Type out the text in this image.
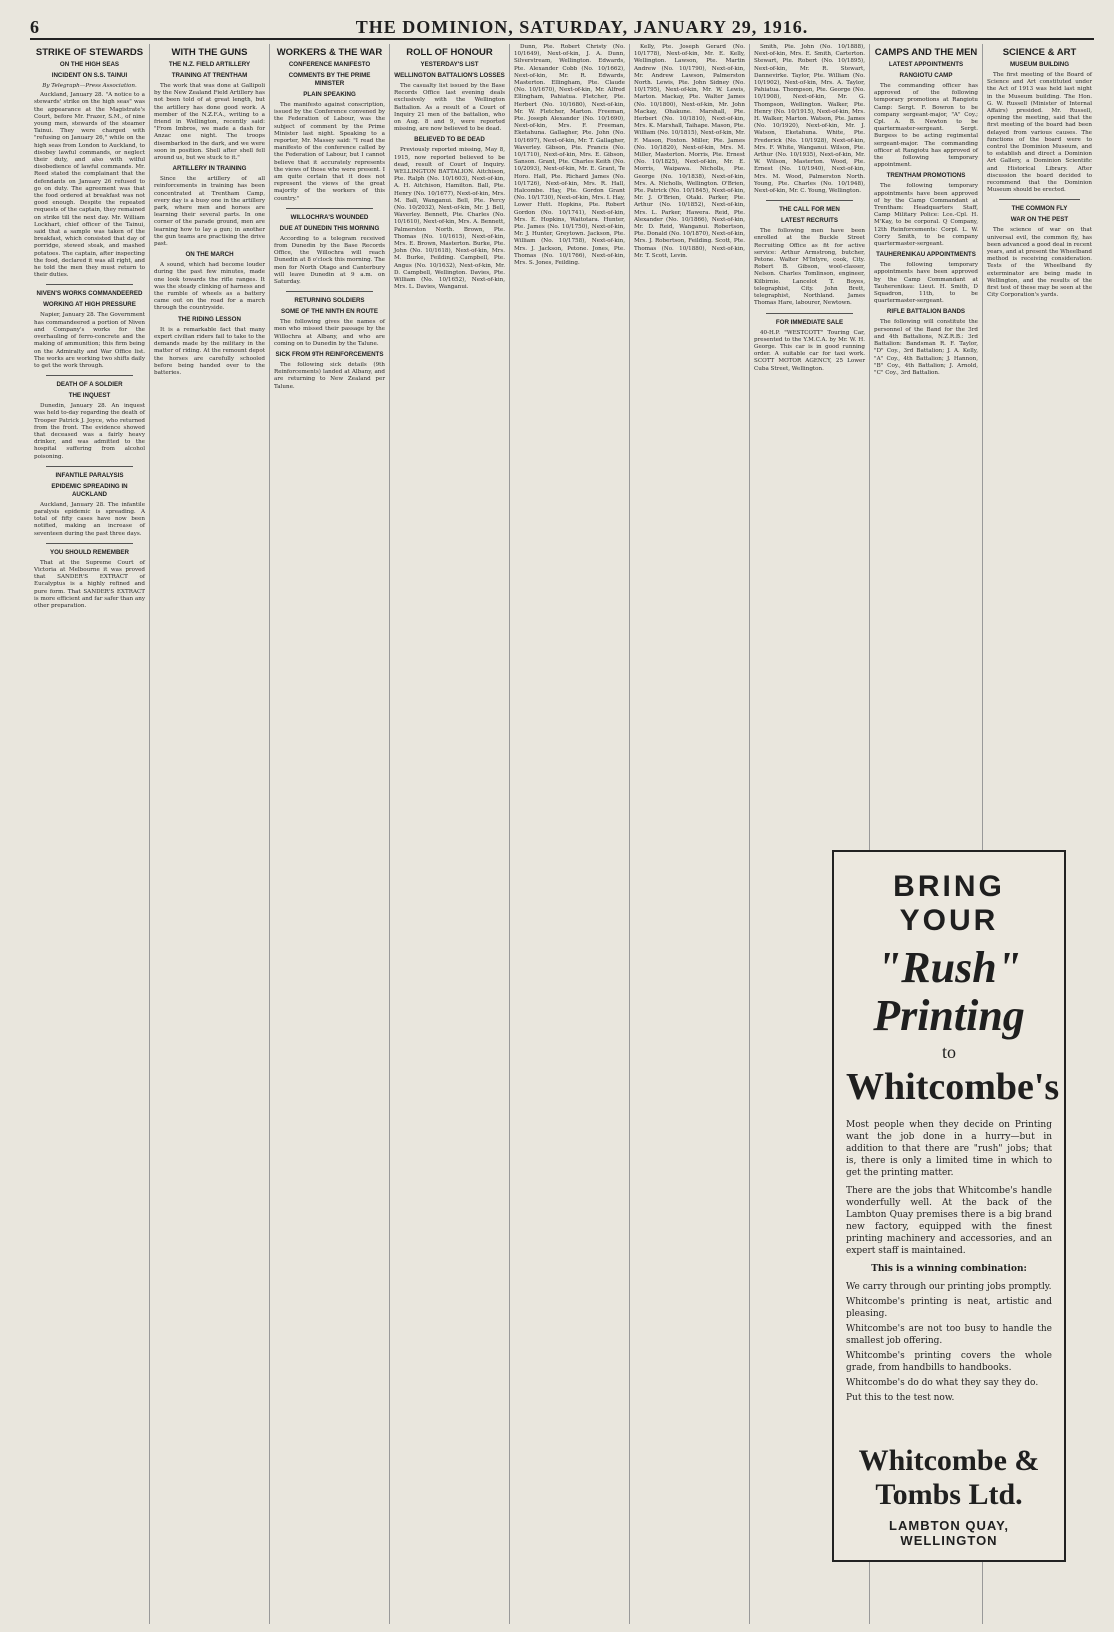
6	THE DOMINION, SATURDAY, JANUARY 29, 1916.
STRIKE OF STEWARDS
ON THE HIGH SEAS
INCIDENT ON S.S. TAINUI
By Telegraph—Press Association.

Auckland, January 28. "A notice to a stewards' strike on the high seas" was the appearance at the Magistrate's Court, before Mr. Frazer, S.M., of nine young men, stewards of the steamer Tainui. They were charged with "refusing on January 26," while on the high seas from London to Auckland, to disobey lawful commands, or neglect their duty, and also with wilful disobedience of lawful commands. Mr. Reed stated the complainant that the defendants on January 26 refused to go on duty. The agreement was that the food ordered at breakfast was not good enough. Despite the repeated requests of the captain, they remained on strike till the next day. Mr. William Lockhart, chief officer of the Tainui, said that a sample was taken of the breakfast, which consisted that day of porridge, stewed steak, and mashed potatoes. The captain, after inspecting the food, declared it was all right, and he told the men they must return to their duties.

NIVEN'S WORKS COMMANDEERED
WORKING AT HIGH PRESSURE

Napier, January 28. The Government has commandeered a portion of Niven and Company's works for the overhauling of ferro-concrete and the making of ammunition; this firm being on the Admiralty and War Office list. The works are working two shifts daily to get the work through.

DEATH OF A SOLDIER
THE INQUEST

Dunedin, January 28. An inquest was held to-day regarding the death of Trooper Patrick J. Joyce, who returned from the front. The evidence showed that deceased was a fairly heavy drinker, and was admitted to the hospital suffering from alcohol poisoning.

INFANTILE PARALYSIS
EPIDEMIC SPREADING IN AUCKLAND

Auckland, January 28. The infantile paralysis epidemic is spreading. A total of fifty cases have now been notified, making an increase of seventeen during the past three days.

YOU SHOULD REMEMBER

That at the Supreme Court of Victoria at Melbourne it was proved that SANDER'S EXTRACT of Eucalyptus is a highly refined and pure form. That SANDER'S EXTRACT is more efficient and far safer than any other preparation.

WITH THE GUNS
THE N.Z. FIELD ARTILLERY
TRAINING AT TRENTHAM

The work that was done at Gallipoli by the New Zealand Field Artillery has not been told of at great length, but the artillery has done good work. A member of the N.Z.F.A., writing to a friend in Wellington, recently said: "From Imbros, we made a dash for Anzac one night. The troops disembarked in the dark, and we were soon in position. Shell after shell fell around us, but we stuck to it."

ARTILLERY IN TRAINING

Since the artillery of all reinforcements in training has been concentrated at Trentham Camp, every day is a busy one in the artillery park, where men and horses are learning their several parts. In one corner of the parade ground, men are learning how to lay a gun; in another the gun teams are practising the drive past.

ON THE MARCH

A sound, which had become louder during the past few minutes, made one look towards the rifle ranges. It was the steady clinking of harness and the rumble of wheels as a battery came out on the road for a march through the countryside.

THE RIDING LESSON

It is a remarkable fact that many expert civilian riders fail to take to the demands made by the military in the matter of riding. At the remount depot the horses are carefully schooled before being handed over to the batteries.

WORKERS & THE WAR
CONFERENCE MANIFESTO
COMMENTS BY THE PRIME MINISTER
PLAIN SPEAKING

The manifesto against conscription, issued by the Conference convened by the Federation of Labour, was the subject of comment by the Prime Minister last night. Speaking to a reporter, Mr. Massey said: "I read the manifesto of the conference called by the Federation of Labour, but I cannot believe that it accurately represents the views of those who were present. I am quite certain that it does not represent the views of the great majority of the workers of this country."

WILLOCHRA'S WOUNDED
DUE AT DUNEDIN THIS MORNING

According to a telegram received from Dunedin by the Base Records Office, the Willochra will reach Dunedin at 8 o'clock this morning. The men for North Otago and Canterbury will leave Dunedin at 9 a.m. on Saturday.

RETURNING SOLDIERS
SOME OF THE NINTH EN ROUTE

The following gives the names of men who missed their passage by the Willochra at Albany, and who are coming on to Dunedin by the Talune.

SICK FROM 9TH REINFORCEMENTS

The following sick details (9th Reinforcements) landed at Albany, and are returning to New Zealand per Talune.

ROLL OF HONOUR
YESTERDAY'S LIST
WELLINGTON BATTALION'S LOSSES

The casualty list issued by the Base Records Office last evening deals exclusively with the Wellington Battalion. As a result of a Court of Inquiry 21 men of the battalion, who on Aug. 8 and 9, were reported missing, are now believed to be dead.

BELIEVED TO BE DEAD

Previously reported missing, May 8, 1915, now reported believed to be dead, result of Court of Inquiry. WELLINGTON BATTALION. Aitchison, Pte. Ralph (No. 10/1603), Next-of-kin, A. H. Aitchison, Hamilton. Ball, Pte. Henry (No. 10/1677), Next-of-kin, Mrs. M. Ball, Wanganui. Bell, Pte. Percy (No. 10/2032), Next-of-kin, Mr. J. Bell, Waverley. Bennett, Pte. Charles (No. 10/1610), Next-of-kin, Mrs. A. Bennett, Palmerston North. Brown, Pte. Thomas (No. 10/1615), Next-of-kin, Mrs. E. Brown, Masterton. Burke, Pte. John (No. 10/1618), Next-of-kin, Mrs. M. Burke, Feilding. Campbell, Pte. Angus (No. 10/1632), Next-of-kin, Mr. D. Campbell, Wellington. Davies, Pte. William (No. 10/1652), Next-of-kin, Mrs. L. Davies, Wanganui.

Dunn, Pte. Robert Christy (No. 10/1649), Next-of-kin, J. A. Dunn, Silverstream, Wellington. Edwards, Pte. Alexander Cobb (No. 10/1662), Next-of-kin, Mr. R. Edwards, Masterton. Ellingham, Pte. Claude (No. 10/1670), Next-of-kin, Mr. Alfred Ellingham, Pahiatua. Fletcher, Pte. Herbert (No. 10/1680), Next-of-kin, Mr. W. Fletcher, Marton. Freeman, Pte. Joseph Alexander (No. 10/1690), Next-of-kin, Mrs. F. Freeman, Eketahuna. Gallagher, Pte. John (No. 10/1697), Next-of-kin, Mr. T. Gallagher, Waverley. Gibson, Pte. Francis (No. 10/1710), Next-of-kin, Mrs. E. Gibson, Sanson. Grant, Pte. Charles Keith (No. 10/2093), Next-of-kin, Mr. E. Grant, Te Horo. Hall, Pte. Richard James (No. 10/1726), Next-of-kin, Mrs. R. Hall, Halcombe. Hay, Pte. Gordon Grant (No. 10/1730), Next-of-kin, Mrs. I. Hay, Lower Hutt. Hopkins, Pte. Robert Gordon (No. 10/1741), Next-of-kin, Mrs. E. Hopkins, Waitotara. Hunter, Pte. James (No. 10/1750), Next-of-kin, Mr. J. Hunter, Greytown. Jackson, Pte. William (No. 10/1758), Next-of-kin, Mrs. J. Jackson, Petone. Jones, Pte. Thomas (No. 10/1766), Next-of-kin, Mrs. S. Jones, Feilding.

Kelly, Pte. Joseph Gerard (No. 10/1778), Next-of-kin, Mr. E. Kelly, Wellington. Lawson, Pte. Martin Andrew (No. 10/1790), Next-of-kin, Mr. Andrew Lawson, Palmerston North. Lewis, Pte. John Sidney (No. 10/1795), Next-of-kin, Mr. W. Lewis, Marton. Mackay, Pte. Walter James (No. 10/1800), Next-of-kin, Mr. John Mackay, Ohakune. Marshall, Pte. Herbert (No. 10/1810), Next-of-kin, Mrs. K. Marshall, Taihape. Mason, Pte. William (No. 10/1815), Next-of-kin, Mr. F. Mason, Foxton. Miller, Pte. James (No. 10/1820), Next-of-kin, Mrs. M. Miller, Masterton. Morris, Pte. Ernest (No. 10/1825), Next-of-kin, Mr. E. Morris, Waipawa. Nicholls, Pte. George (No. 10/1838), Next-of-kin, Mrs. A. Nicholls, Wellington. O'Brien, Pte. Patrick (No. 10/1845), Next-of-kin, Mr. J. O'Brien, Otaki. Parker, Pte. Arthur (No. 10/1852), Next-of-kin, Mrs. L. Parker, Hawera. Reid, Pte. Alexander (No. 10/1866), Next-of-kin, Mr. D. Reid, Wanganui. Robertson, Pte. Donald (No. 10/1870), Next-of-kin, Mrs. J. Robertson, Feilding. Scott, Pte. Thomas (No. 10/1880), Next-of-kin, Mr. T. Scott, Levin.

Smith, Pte. John (No. 10/1888), Next-of-kin, Mrs. E. Smith, Carterton. Stewart, Pte. Robert (No. 10/1895), Next-of-kin, Mr. R. Stewart, Dannevirke. Taylor, Pte. William (No. 10/1902), Next-of-kin, Mrs. A. Taylor, Pahiatua. Thompson, Pte. George (No. 10/1908), Next-of-kin, Mr. G. Thompson, Wellington. Walker, Pte. Henry (No. 10/1915), Next-of-kin, Mrs. H. Walker, Marton. Watson, Pte. James (No. 10/1920), Next-of-kin, Mr. J. Watson, Eketahuna. White, Pte. Frederick (No. 10/1928), Next-of-kin, Mrs. F. White, Wanganui. Wilson, Pte. Arthur (No. 10/1935), Next-of-kin, Mr. W. Wilson, Masterton. Wood, Pte. Ernest (No. 10/1940), Next-of-kin, Mrs. M. Wood, Palmerston North. Young, Pte. Charles (No. 10/1948), Next-of-kin, Mr. C. Young, Wellington.

THE CALL FOR MEN
LATEST RECRUITS

The following men have been enrolled at the Buckle Street Recruiting Office as fit for active service: Arthur Armstrong, butcher, Petone. Walter M'Intyre, cook, City. Robert B. Gibson, wool-classer, Nelson. Charles Tomlinson, engineer, Kilbirnie. Lancelot T. Boyes, telegraphist, City. John Brett, telegraphist, Northland. James Thomas Hare, labourer, Newtown.

FOR IMMEDIATE SALE

40-H.P. "WESTCOTT" Touring Car, presented to the Y.M.C.A. by Mr. W. H. George. This car is in good running order. A suitable car for taxi work. SCOTT MOTOR AGENCY, 25 Lower Cuba Street, Wellington.

CAMPS AND THE MEN
LATEST APPOINTMENTS
RANGIOTU CAMP

The commanding officer has approved of the following temporary promotions at Rangiotu Camp: Sergt. F. Bowron to be company sergeant-major, "A" Coy.; Cpl. A. B. Newton to be quartermaster-sergeant. Sergt. Burgess to be acting regimental sergeant-major. The commanding officer at Rangiotu has approved of the following temporary appointment.

TRENTHAM PROMOTIONS

The following temporary appointments have been approved of by the Camp Commandant at Trentham: Headquarters Staff, Camp Military Police: Lce.-Cpl. H. M'Kay, to be corporal. Q Company, 12th Reinforcements: Corpl. L. W. Corry Smith, to be company quartermaster-sergeant.

TAUHERENIKAU APPOINTMENTS

The following temporary appointments have been approved by the Camp Commandant at Tauherenikau: Lieut. H. Smith, D Squadron, 11th, to be quartermaster-sergeant.

RIFLE BATTALION BANDS

The following will constitute the personnel of the Band for the 3rd and 4th Battalions, N.Z.R.B.: 3rd Battalion: Bandsman R. F. Taylor, "D" Coy., 3rd Battalion; J. A. Kelly, "A" Coy., 4th Battalion; J. Hannon, "B" Coy., 4th Battalion; J. Arnold, "C" Coy., 3rd Battalion.

SCIENCE & ART
MUSEUM BUILDING

The first meeting of the Board of Science and Art constituted under the Act of 1913 was held last night in the Museum building. The Hon. G. W. Russell (Minister of Internal Affairs) presided. Mr. Russell, opening the meeting, said that the first meeting of the board had been delayed from various causes. The functions of the board were to control the Dominion Museum, and to establish and direct a Dominion Art Gallery, a Dominion Scientific and Historical Library. After discussion the board decided to recommend that the Dominion Museum should be erected.

THE COMMON FLY
WAR ON THE PEST

The science of war on that universal evil, the common fly, has been advanced a good deal in recent years, and at present the Wheelband method is receiving consideration. Tests of the Wheelband fly exterminator are being made in Wellington, and the results of the first test of these may be seen at the City Corporation's yards.

BRING YOUR
"Rush" Printing
to
Whitcombe's

Most people when they decide on Printing want the job done in a hurry—but in addition to that there are "rush" jobs; that is, there is only a limited time in which to get the printing matter.

There are the jobs that Whitcombe's handle wonderfully well. At the back of the Lambton Quay premises there is a big brand new factory, equipped with the finest printing machinery and accessories, and an expert staff is maintained.

This is a winning combination:

We carry through our printing jobs promptly.

Whitcombe's printing is neat, artistic and pleasing.

Whitcombe's are not too busy to handle the smallest job offering.

Whitcombe's printing covers the whole grade, from handbills to handbooks.

Whitcombe's do do what they say they do.

Put this to the test now.

Whitcombe & Tombs Ltd.
LAMBTON QUAY, WELLINGTON
